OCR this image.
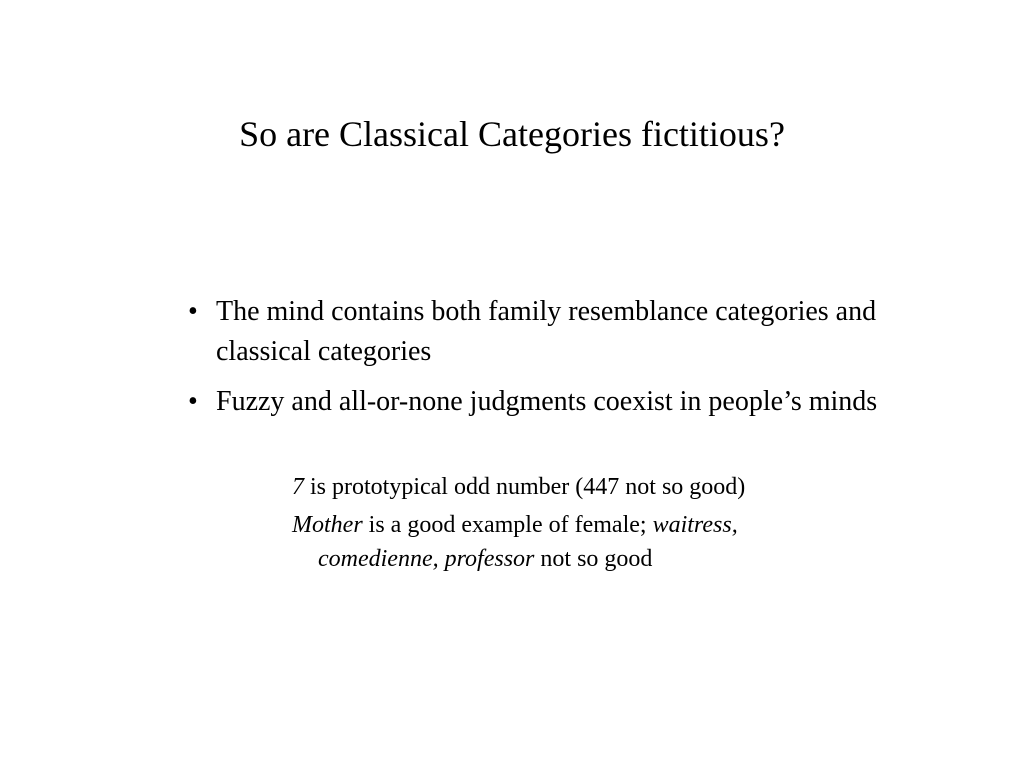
So are Classical Categories fictitious?
• The mind contains both family resemblance categories and classical categories
• Fuzzy and all-or-none judgments coexist in people’s minds
7 is prototypical odd number (447 not so good)
Mother is a good example of female; waitress, comedienne, professor not so good
